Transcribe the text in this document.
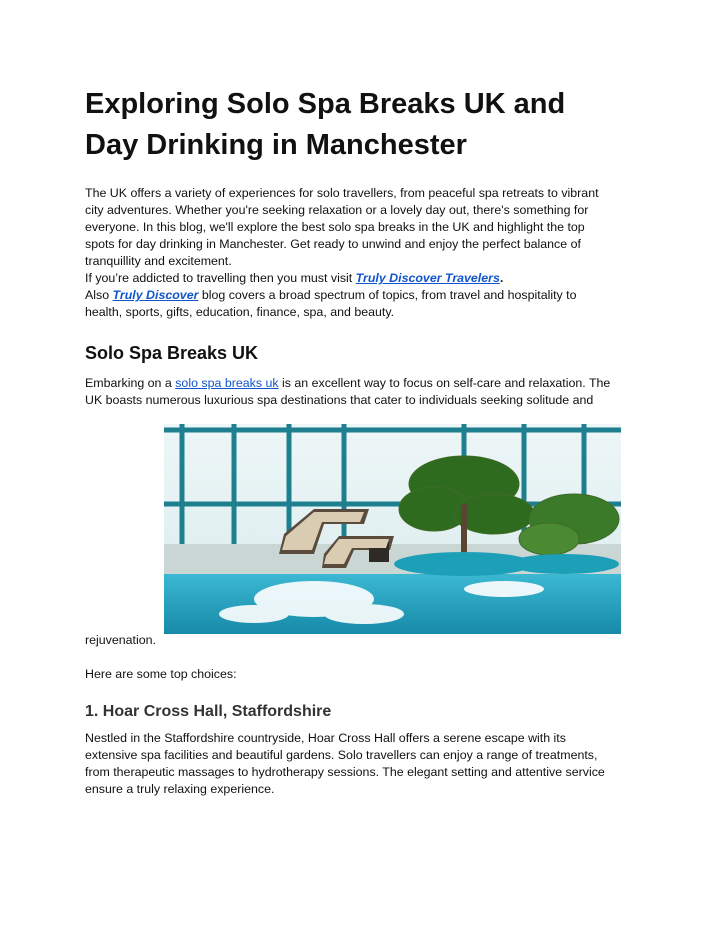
Exploring Solo Spa Breaks UK and
Day Drinking in Manchester
The UK offers a variety of experiences for solo travellers, from peaceful spa retreats to vibrant
city adventures. Whether you're seeking relaxation or a lovely day out, there's something for
everyone. In this blog, we'll explore the best solo spa breaks in the UK and highlight the top
spots for day drinking in Manchester. Get ready to unwind and enjoy the perfect balance of
tranquillity and excitement.
If you’re addicted to travelling then you must visit Truly Discover Travelers.
Also Truly Discover blog covers a broad spectrum of topics, from travel and hospitality to
health, sports, gifts, education, finance, spa, and beauty.
Solo Spa Breaks UK
Embarking on a solo spa breaks uk is an excellent way to focus on self-care and relaxation. The
UK boasts numerous luxurious spa destinations that cater to individuals seeking solitude and
rejuvenation.
Here are some top choices:
1. Hoar Cross Hall, Staffordshire
Nestled in the Staffordshire countryside, Hoar Cross Hall offers a serene escape with its
extensive spa facilities and beautiful gardens. Solo travellers can enjoy a range of treatments,
from therapeutic massages to hydrotherapy sessions. The elegant setting and attentive service
ensure a truly relaxing experience.
